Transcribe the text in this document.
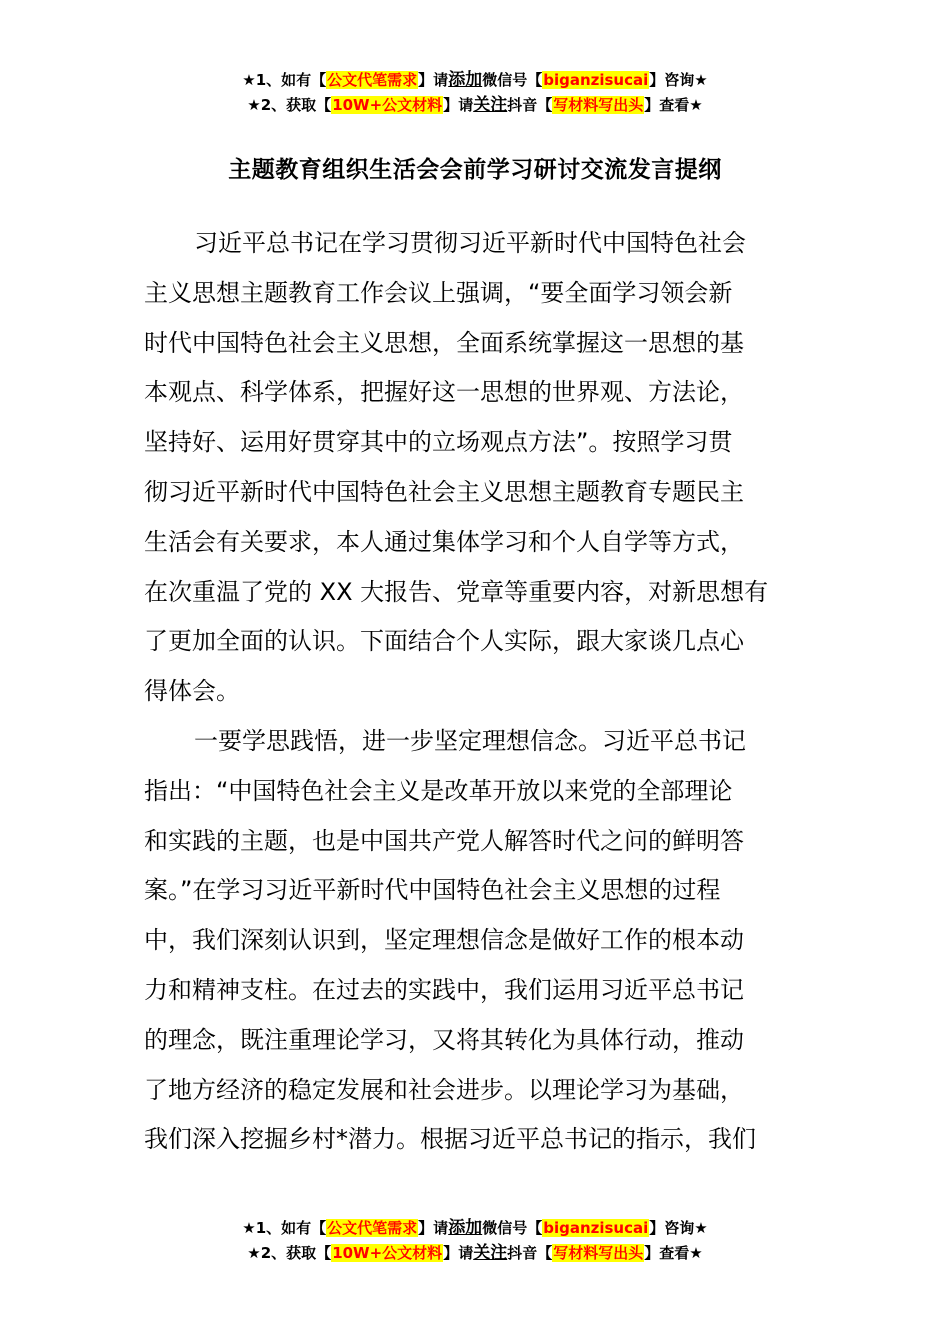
★1、如有【公文代笔需求】请添加微信号【biganzisucai】咨询★
★2、获取【10W+公文材料】请关注抖音【写材料写出头】查看★
主题教育组织生活会会前学习研讨交流发言提纲
习近平总书记在学习贯彻习近平新时代中国特色社会
主义思想主题教育工作会议上强调，“要全面学习领会新
时代中国特色社会主义思想，全面系统掌握这一思想的基
本观点、科学体系，把握好这一思想的世界观、方法论，
坚持好、运用好贯穿其中的立场观点方法”。按照学习贯
彻习近平新时代中国特色社会主义思想主题教育专题民主
生活会有关要求，本人通过集体学习和个人自学等方式，
在次重温了党的 XX 大报告、党章等重要内容，对新思想有
了更加全面的认识。下面结合个人实际，跟大家谈几点心
得体会。
一要学思践悟，进一步坚定理想信念。习近平总书记
指出：“中国特色社会主义是改革开放以来党的全部理论
和实践的主题，也是中国共产党人解答时代之问的鲜明答
案。”在学习习近平新时代中国特色社会主义思想的过程
中，我们深刻认识到，坚定理想信念是做好工作的根本动
力和精神支柱。在过去的实践中，我们运用习近平总书记
的理念，既注重理论学习，又将其转化为具体行动，推动
了地方经济的稳定发展和社会进步。以理论学习为基础，
我们深入挖掘乡村*潜力。根据习近平总书记的指示，我们
★1、如有【公文代笔需求】请添加微信号【biganzisucai】咨询★
★2、获取【10W+公文材料】请关注抖音【写材料写出头】查看★
